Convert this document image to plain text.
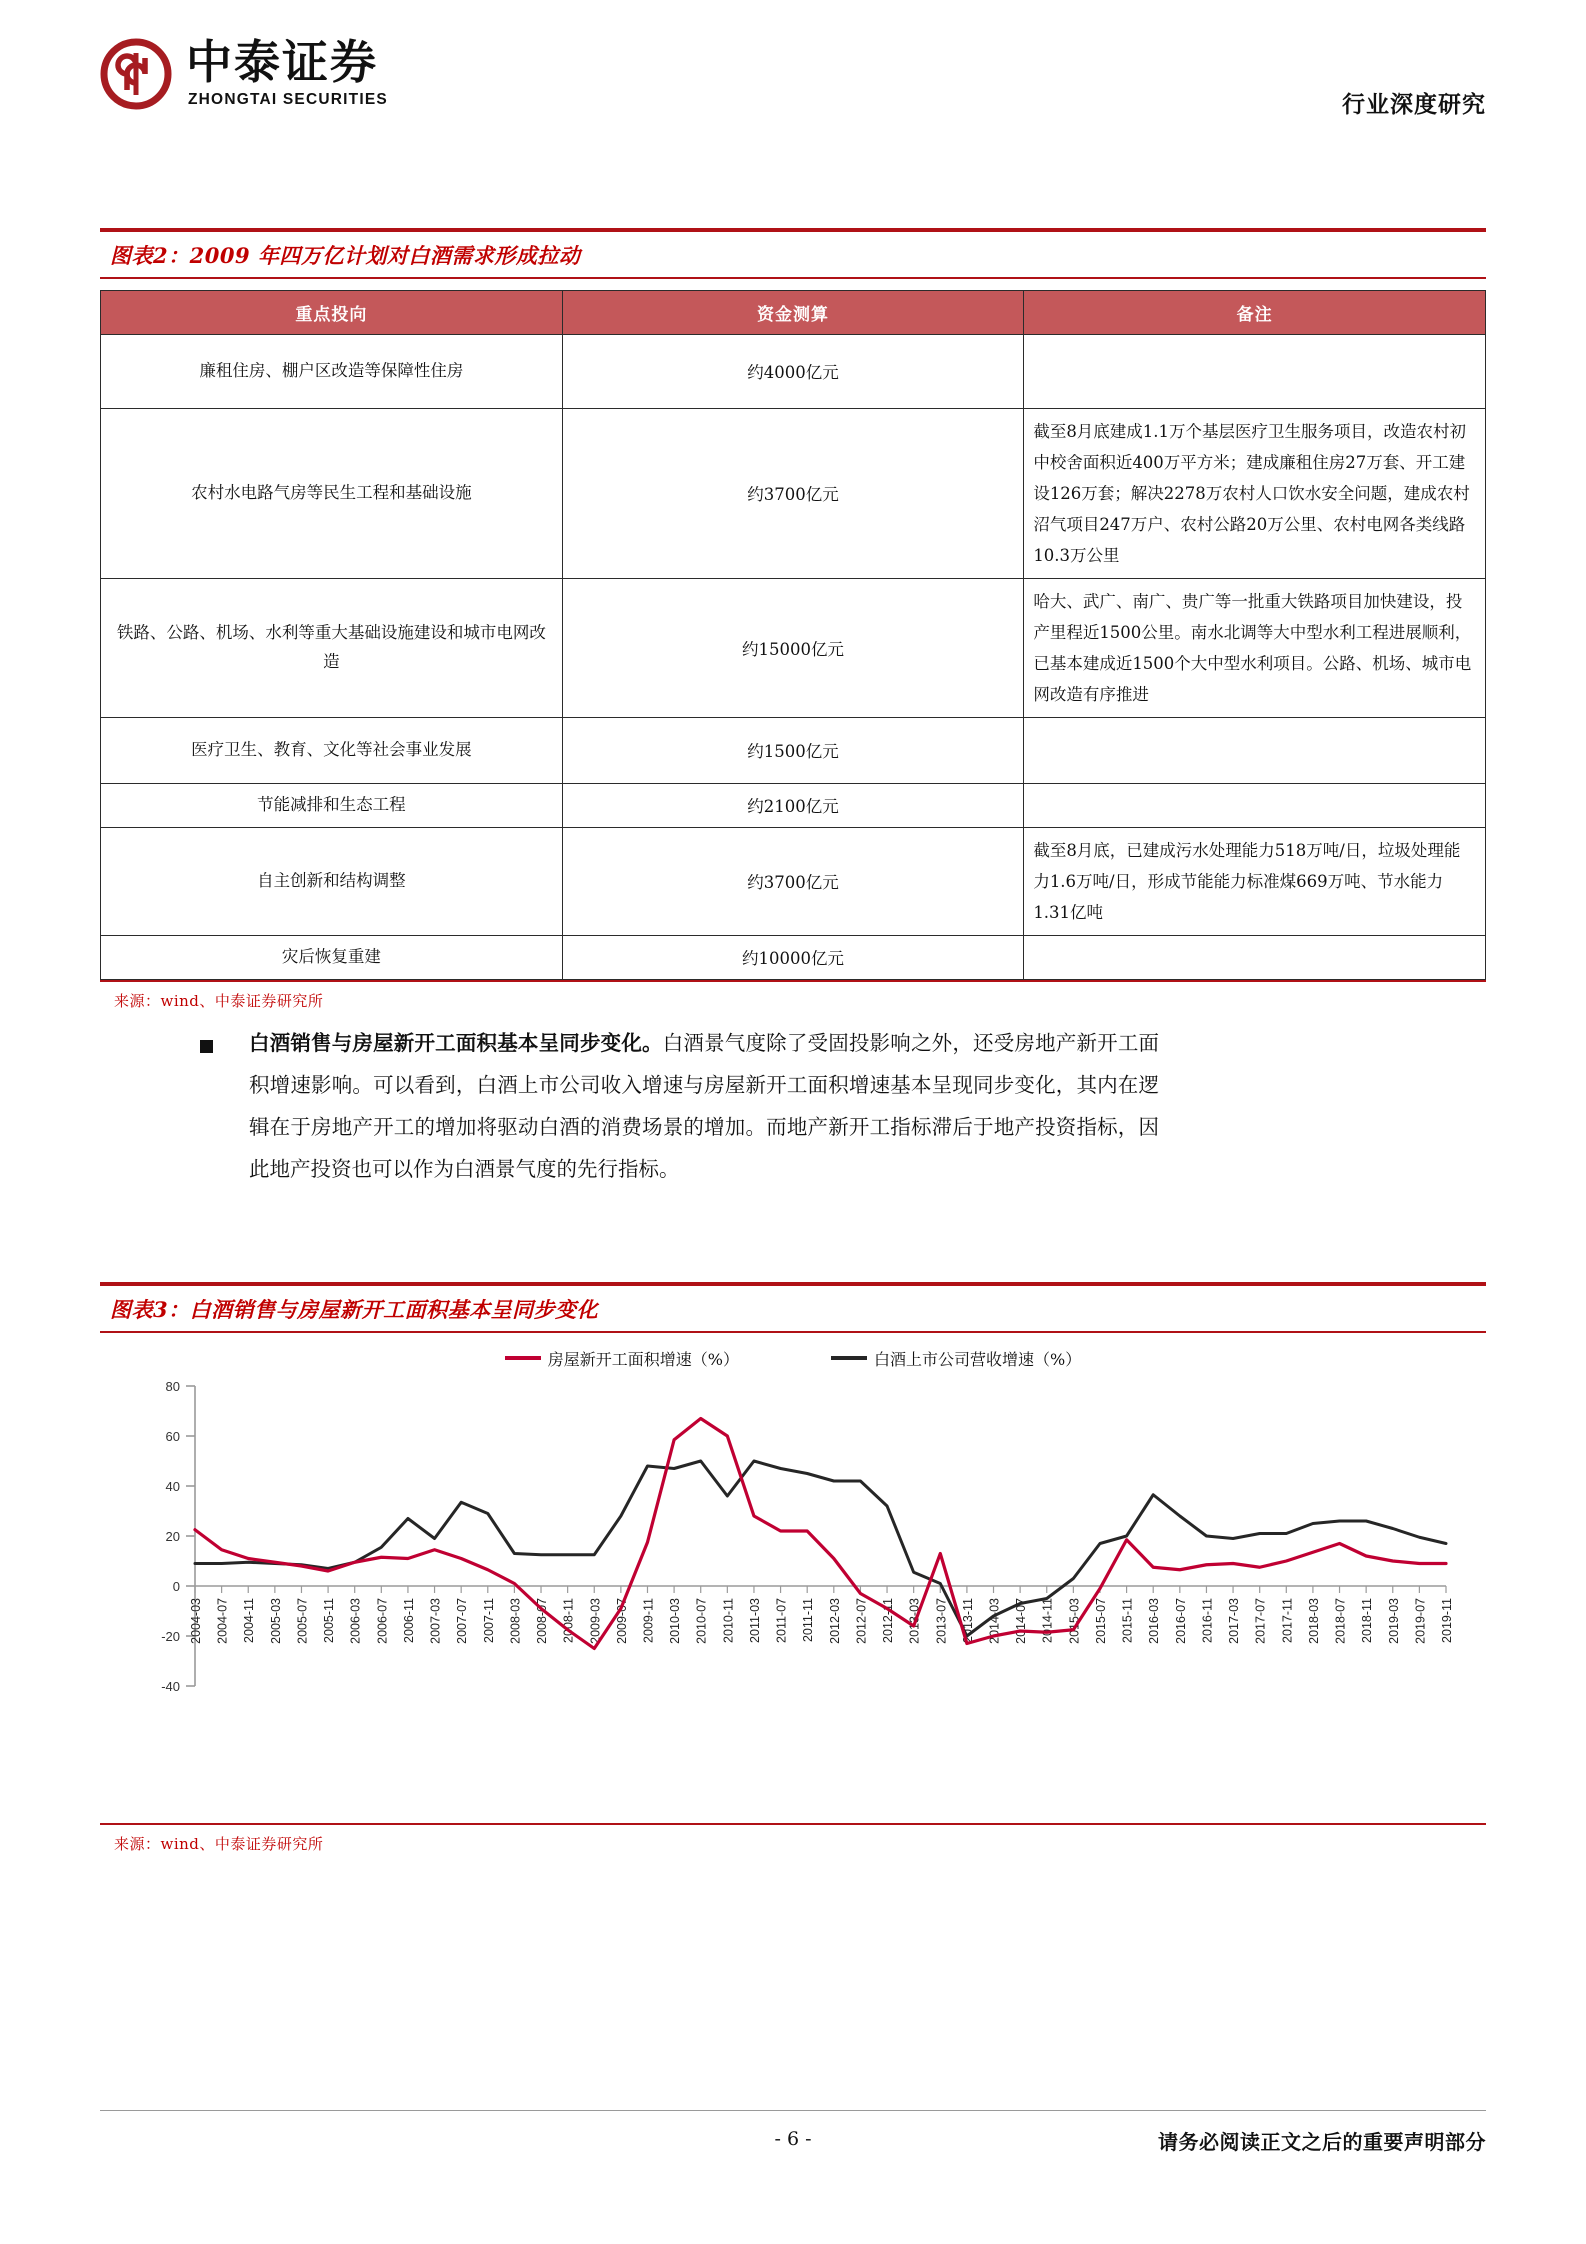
中泰证券
ZHONGTAI SECURITIES	行业深度研究
图表2：2009 年四万亿计划对白酒需求形成拉动
重点投向	资金测算	备注
廉租住房、棚户区改造等保障性住房	约4000亿元	
农村水电路气房等民生工程和基础设施	约3700亿元	截至8月底建成1.1万个基层医疗卫生服务项目，改造农村初中校舍面积近400万平方米；建成廉租住房27万套、开工建设126万套；解决2278万农村人口饮水安全问题，建成农村沼气项目247万户、农村公路20万公里、农村电网各类线路10.3万公里
铁路、公路、机场、水利等重大基础设施建设和城市电网改造	约15000亿元	哈大、武广、南广、贵广等一批重大铁路项目加快建设，投产里程近1500公里。南水北调等大中型水利工程进展顺利，已基本建成近1500个大中型水利项目。公路、机场、城市电网改造有序推进
医疗卫生、教育、文化等社会事业发展	约1500亿元	
节能减排和生态工程	约2100亿元	
自主创新和结构调整	约3700亿元	截至8月底，已建成污水处理能力518万吨/日，垃圾处理能力1.6万吨/日，形成节能能力标准煤669万吨、节水能力1.31亿吨
灾后恢复重建	约10000亿元	
来源：wind、中泰证券研究所
白酒销售与房屋新开工面积基本呈同步变化。白酒景气度除了受固投影响之外，还受房地产新开工面积增速影响。可以看到，白酒上市公司收入增速与房屋新开工面积增速基本呈现同步变化，其内在逻辑在于房地产开工的增加将驱动白酒的消费场景的增加。而地产新开工指标滞后于地产投资指标，因此地产投资也可以作为白酒景气度的先行指标。
图表3：白酒销售与房屋新开工面积基本呈同步变化
房屋新开工面积增速（%）	白酒上市公司营收增速（%）
-40
-20
0
20
40
60
80
2004-03 2004-07 2004-11 2005-03 2005-07 2005-11 2006-03 2006-07 2006-11 2007-03 2007-07 2007-11 2008-03 2008-07 2008-11 2009-03 2009-07 2009-11 2010-03 2010-07 2010-11 2011-03 2011-07 2011-11 2012-03 2012-07 2012-11 2013-03 2013-07 2013-11 2014-03 2014-07 2014-11 2015-03 2015-07 2015-11 2016-03 2016-07 2016-11 2017-03 2017-07 2017-11 2018-03 2018-07 2018-11 2019-03 2019-07 2019-11
来源：wind、中泰证券研究所
- 6 -	请务必阅读正文之后的重要声明部分
